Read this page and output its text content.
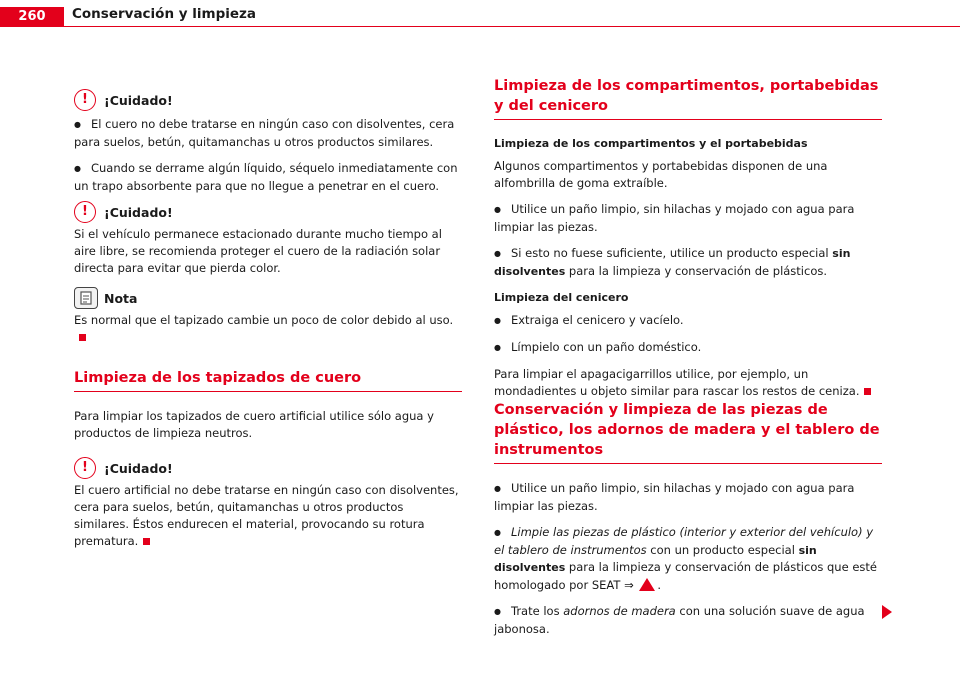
260	Conservación y limpieza
!	¡Cuidado!

● El cuero no debe tratarse en ningún caso con disolventes, cera para suelos, betún, quitamanchas u otros productos similares.

● Cuando se derrame algún líquido, séquelo inmediatamente con un trapo absorbente para que no llegue a penetrar en el cuero.

!	¡Cuidado!

Si el vehículo permanece estacionado durante mucho tiempo al aire libre, se recomienda proteger el cuero de la radiación solar directa para evitar que pierda color.

Nota

Es normal que el tapizado cambie un poco de color debido al uso.

Limpieza de los tapizados de cuero

Para limpiar los tapizados de cuero artificial utilice sólo agua y productos de limpieza neutros.

!	¡Cuidado!

El cuero artificial no debe tratarse en ningún caso con disolventes, cera para suelos, betún, quitamanchas u otros productos similares. Éstos endurecen el material, provocando su rotura prematura.

Limpieza de los compartimentos, portabebidas y del cenicero
Limpieza de los compartimentos y el portabebidas

Algunos compartimentos y portabebidas disponen de una alfombrilla de goma extraíble.

● Utilice un paño limpio, sin hilachas y mojado con agua para limpiar las piezas.

● Si esto no fuese suficiente, utilice un producto especial sin disolventes para la limpieza y conservación de plásticos.

Limpieza del cenicero

● Extraiga el cenicero y vacíelo.

● Límpielo con un paño doméstico.

Para limpiar el apagacigarrillos utilice, por ejemplo, un mondadientes u objeto similar para rascar los restos de ceniza.

Conservación y limpieza de las piezas de plástico, los adornos de madera y el tablero de instrumentos

● Utilice un paño limpio, sin hilachas y mojado con agua para limpiar las piezas.

● Limpie las piezas de plástico (interior y exterior del vehículo) y el tablero de instrumentos con un producto especial sin disolventes para la limpieza y conservación de plásticos que esté homologado por SEAT ⇒ .

● Trate los adornos de madera con una solución suave de agua jabonosa.
